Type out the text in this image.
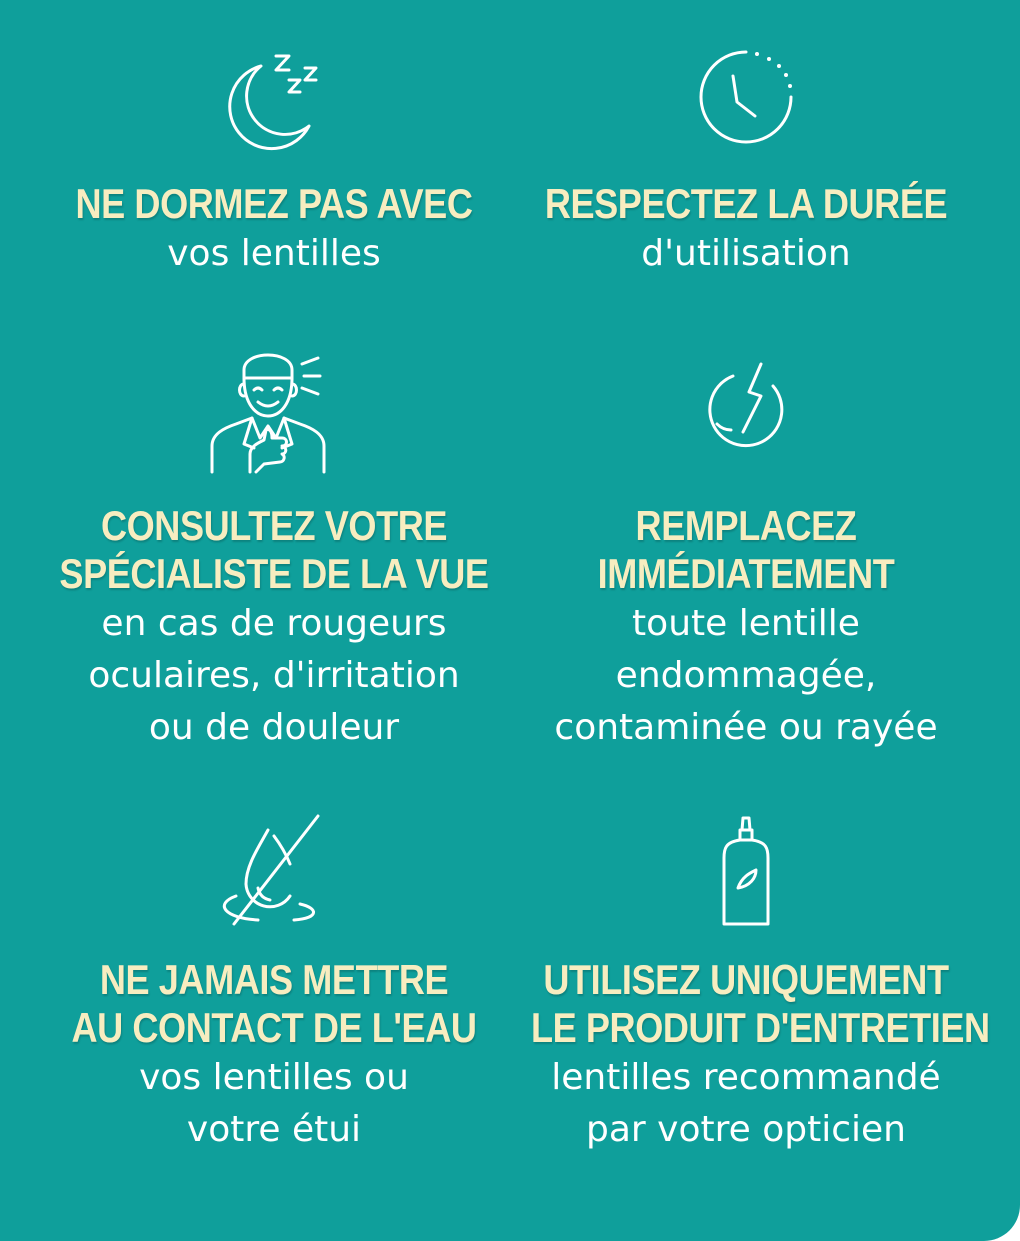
NE DORMEZ PAS AVEC
vos lentilles
RESPECTEZ LA DURÉE
d'utilisation
CONSULTEZ VOTRE
SPÉCIALISTE DE LA VUE
en cas de rougeurs
oculaires, d'irritation
ou de douleur
REMPLACEZ
IMMÉDIATEMENT
toute lentille
endommagée,
contaminée ou rayée
NE JAMAIS METTRE
AU CONTACT DE L'EAU
vos lentilles ou
votre étui
UTILISEZ UNIQUEMENT
LE PRODUIT D'ENTRETIEN
lentilles recommandé
par votre opticien
